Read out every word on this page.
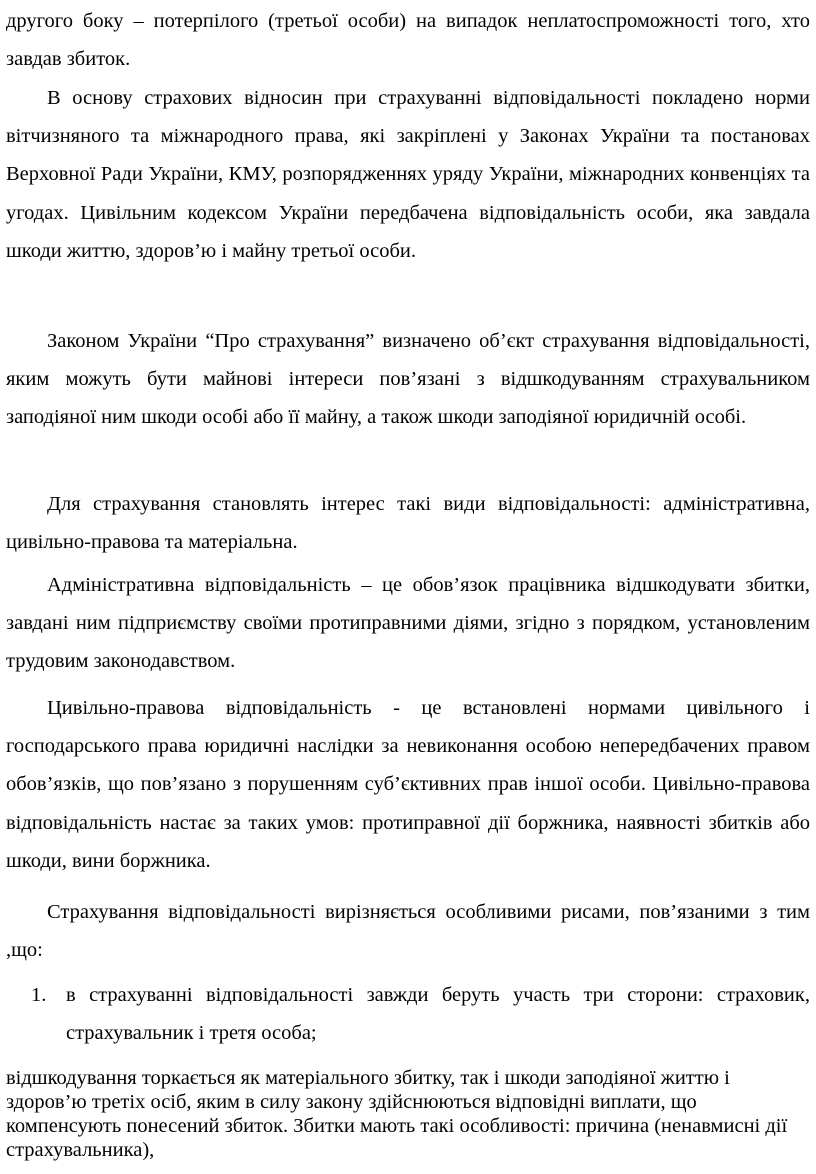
другого боку – потерпілого (третьої особи) на випадок неплатоспроможності того, хто завдав збиток.

В основу страхових відносин при страхуванні відповідальності покладено норми вітчизняного та міжнародного права, які закріплені у Законах України та постановах Верховної Ради України, КМУ, розпорядженнях уряду України, міжнародних конвенціях та угодах. Цивільним кодексом України передбачена відповідальність особи, яка завдала шкоди життю, здоров’ю і майну третьої особи.

Законом України “Про страхування” визначено об’єкт страхування відповідальності, яким можуть бути майнові інтереси пов’язані з відшкодуванням страхувальником заподіяної ним шкоди особі або її майну, а також шкоди заподіяної юридичній особі.

Для страхування становлять інтерес такі види відповідальності: адміністративна, цивільно-правова та матеріальна.

Адміністративна відповідальність – це обов’язок працівника відшкодувати збитки, завдані ним підприємству своїми протиправними діями, згідно з порядком, установленим трудовим законодавством.

Цивільно-правова відповідальність - це встановлені нормами цивільного і господарського права юридичні наслідки за невиконання особою непередбачених правом обов’язків, що пов’язано з порушенням суб’єктивних прав іншої особи. Цивільно-правова відповідальність настає за таких умов: протиправної дії боржника, наявності збитків або шкоди, вини боржника.

Страхування відповідальності вирізняється особливими рисами, пов’язаними з тим ,що:

1. в страхуванні відповідальності завжди беруть участь три сторони: страховик, страхувальник і третя особа;

відшкодування торкається як матеріального збитку, так і шкоди заподіяної життю і здоров’ю третіх осіб, яким в силу закону здійснюються відповідні виплати, що компенсують понесений збиток. Збитки мають такі особливості: причина (ненавмисні дії страхувальника),
